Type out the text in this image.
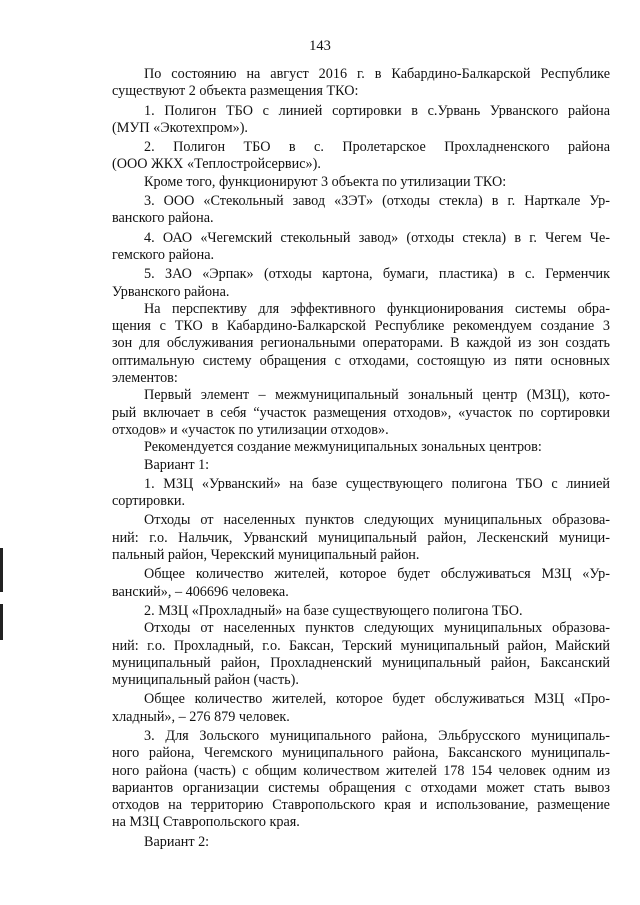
143
По состоянию на август 2016 г. в Кабардино-Балкарской Республике
существуют 2 объекта размещения ТКО:
1. Полигон ТБО с линией сортировки в с.Урвань Урванского района
(МУП «Экотехпром»).
2. Полигон ТБО в с. Пролетарское Прохладненского района
(ООО ЖКХ «Теплостройсервис»).
Кроме того, функционируют 3 объекта по утилизации ТКО:
3. ООО «Стекольный завод «ЗЭТ» (отходы стекла) в г. Нарткале Ур-
ванского района.
4. ОАО «Чегемский стекольный завод» (отходы стекла) в г. Чегем Че-
гемского района.
5. ЗАО «Эрпак» (отходы картона, бумаги, пластика) в с. Герменчик
Урванского района.
На перспективу для эффективного функционирования системы обра-
щения с ТКО в Кабардино-Балкарской Республике рекомендуем создание 3
зон для обслуживания региональными операторами. В каждой из зон создать
оптимальную систему обращения с отходами, состоящую из пяти основных
элементов:
Первый элемент – межмуниципальный зональный центр (МЗЦ), кото-
рый включает в себя “участок размещения отходов», «участок по сортировки
отходов» и «участок по утилизации отходов».
Рекомендуется создание межмуниципальных зональных центров:
Вариант 1:
1. МЗЦ «Урванский» на базе существующего полигона ТБО с линией
сортировки.
Отходы от населенных пунктов следующих муниципальных образова-
ний: г.о. Нальчик, Урванский муниципальный район, Лескенский муници-
пальный район, Черекский муниципальный район.
Общее количество жителей, которое будет обслуживаться МЗЦ «Ур-
ванский», – 406696 человека.
2. МЗЦ «Прохладный» на базе существующего полигона ТБО.
Отходы от населенных пунктов следующих муниципальных образова-
ний: г.о. Прохладный, г.о. Баксан, Терский муниципальный район, Майский
муниципальный район, Прохладненский муниципальный район, Баксанский
муниципальный район (часть).
Общее количество жителей, которое будет обслуживаться МЗЦ «Про-
хладный», – 276 879 человек.
3. Для Зольского муниципального района, Эльбрусского муниципаль-
ного района, Чегемского муниципального района, Баксанского муниципаль-
ного района (часть) с общим количеством жителей 178 154 человек одним из
вариантов организации системы обращения с отходами может стать вывоз
отходов на территорию Ставропольского края и использование, размещение
на МЗЦ Ставропольского края.
Вариант 2:
